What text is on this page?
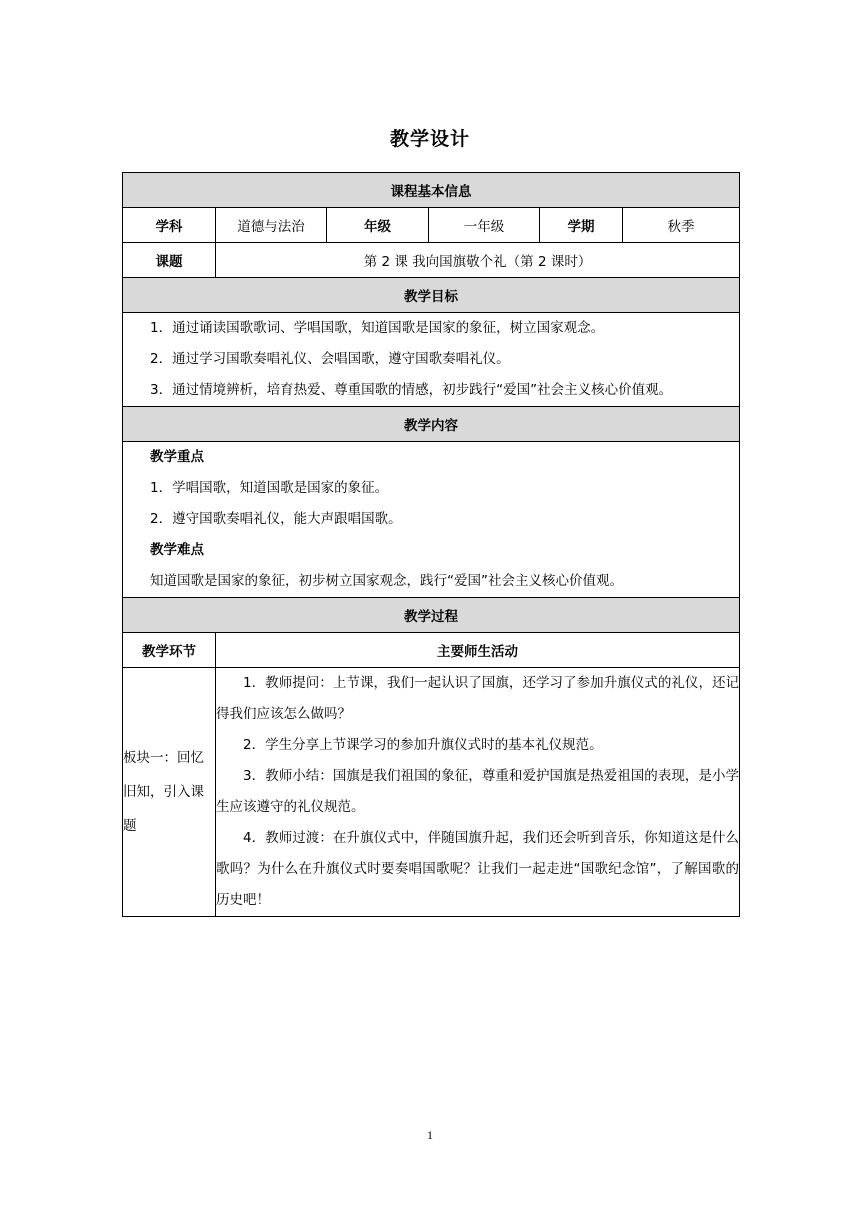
教学设计
课程基本信息					
学科	道德与法治	年级	一年级	学期	秋季
课题	第 2 课 我向国旗敬个礼（第 2 课时）				
教学目标					

1．通过诵读国歌歌词、学唱国歌，知道国歌是国家的象征，树立国家观念。

2．通过学习国歌奏唱礼仪、会唱国歌，遵守国歌奏唱礼仪。

3．通过情境辨析，培育热爱、尊重国歌的情感，初步践行“爱国”社会主义核心价值观。					

教学内容					

教学重点

1．学唱国歌，知道国歌是国家的象征。

2．遵守国歌奏唱礼仪，能大声跟唱国歌。

教学难点

知道国歌是国家的象征，初步树立国家观念，践行“爱国”社会主义核心价值观。					

教学过程					
教学环节	主要师生活动				
板块一：回忆旧知，引入课题	1．教师提问：上节课，我们一起认识了国旗，还学习了参加升旗仪式的礼仪，还记得我们应该怎么做吗？

2．学生分享上节课学习的参加升旗仪式时的基本礼仪规范。

3．教师小结：国旗是我们祖国的象征，尊重和爱护国旗是热爱祖国的表现，是小学生应该遵守的礼仪规范。

4．教师过渡：在升旗仪式中，伴随国旗升起，我们还会听到音乐，你知道这是什么歌吗？为什么在升旗仪式时要奏唱国歌呢？让我们一起走进“国歌纪念馆”，了解国歌的历史吧！				

1
